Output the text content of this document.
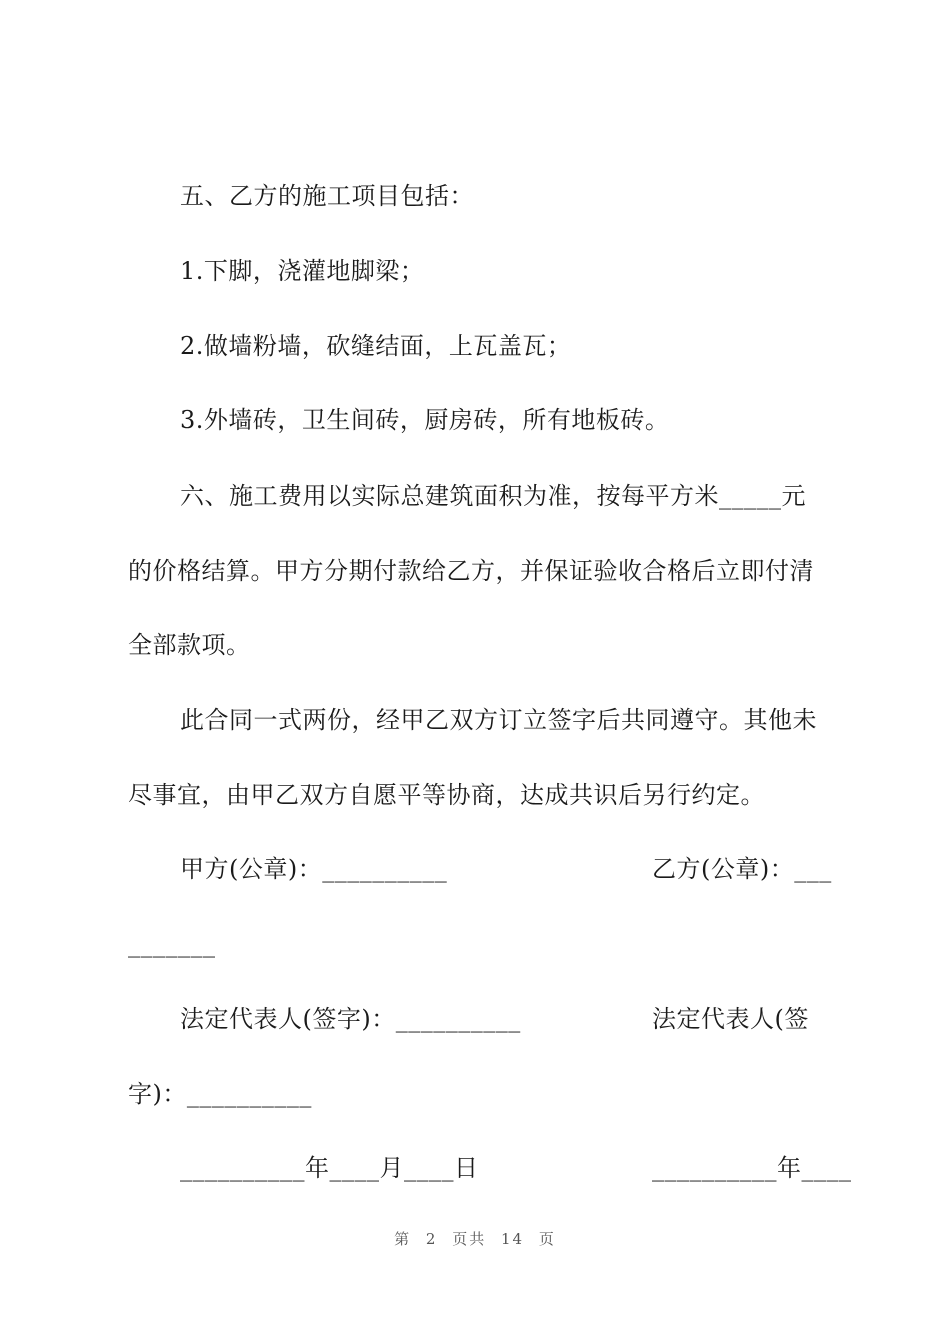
五、乙方的施工项目包括：
1.下脚，浇灌地脚梁；
2.做墙粉墙，砍缝结面，上瓦盖瓦；
3.外墙砖，卫生间砖，厨房砖，所有地板砖。
六、施工费用以实际总建筑面积为准，按每平方米_____元
的价格结算。甲方分期付款给乙方，并保证验收合格后立即付清
全部款项。
此合同一式两份，经甲乙双方订立签字后共同遵守。其他未
尽事宜，由甲乙双方自愿平等协商，达成共识后另行约定。
甲方(公章)：__________	乙方(公章)：___
_______
法定代表人(签字)：__________	法定代表人(签
字)：__________
__________年____月____日	__________年____
第 2 页共 14 页
